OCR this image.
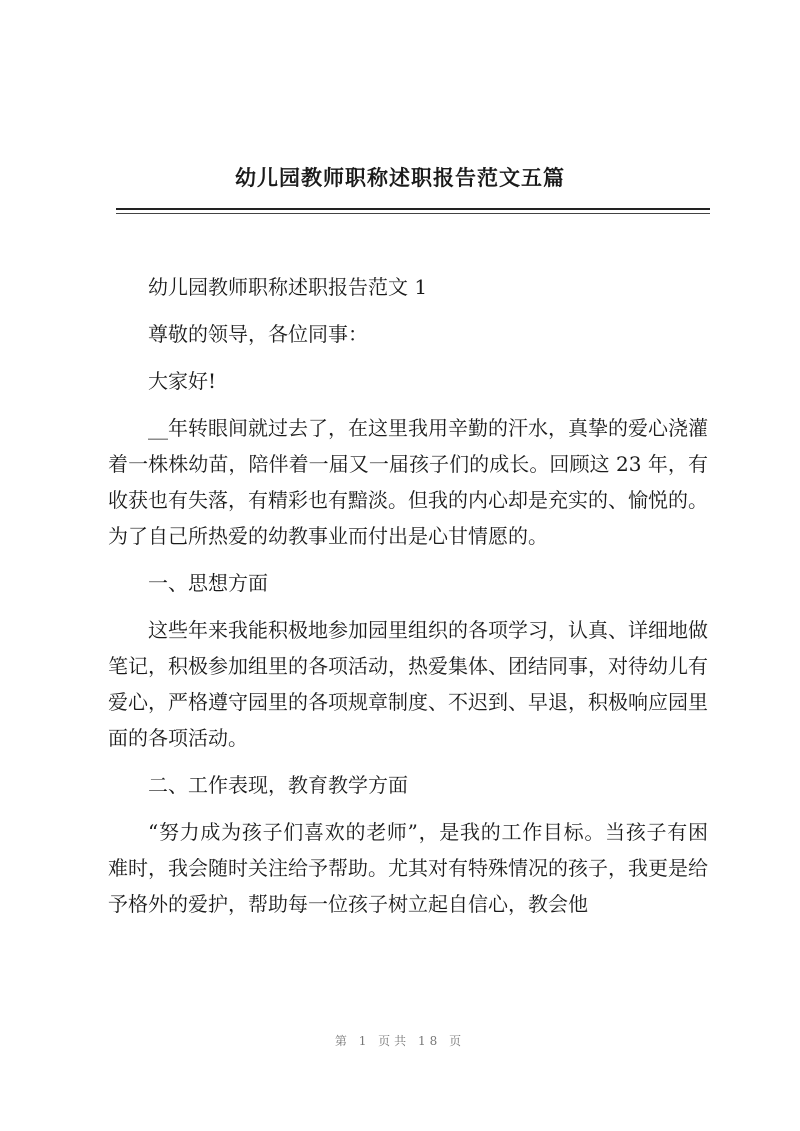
幼儿园教师职称述职报告范文五篇

幼儿园教师职称述职报告范文 1

尊敬的领导，各位同事：

大家好!

__年转眼间就过去了，在这里我用辛勤的汗水，真挚的爱心浇灌着一株株幼苗，陪伴着一届又一届孩子们的成长。回顾这 23 年，有收获也有失落，有精彩也有黯淡。但我的内心却是充实的、愉悦的。为了自己所热爱的幼教事业而付出是心甘情愿的。

一、思想方面

这些年来我能积极地参加园里组织的各项学习，认真、详细地做笔记，积极参加组里的各项活动，热爱集体、团结同事，对待幼儿有爱心，严格遵守园里的各项规章制度、不迟到、早退，积极响应园里面的各项活动。

二、工作表现，教育教学方面

“努力成为孩子们喜欢的老师”，是我的工作目标。当孩子有困难时，我会随时关注给予帮助。尤其对有特殊情况的孩子，我更是给予格外的爱护，帮助每一位孩子树立起自信心，教会他

第 1 页共 18 页
